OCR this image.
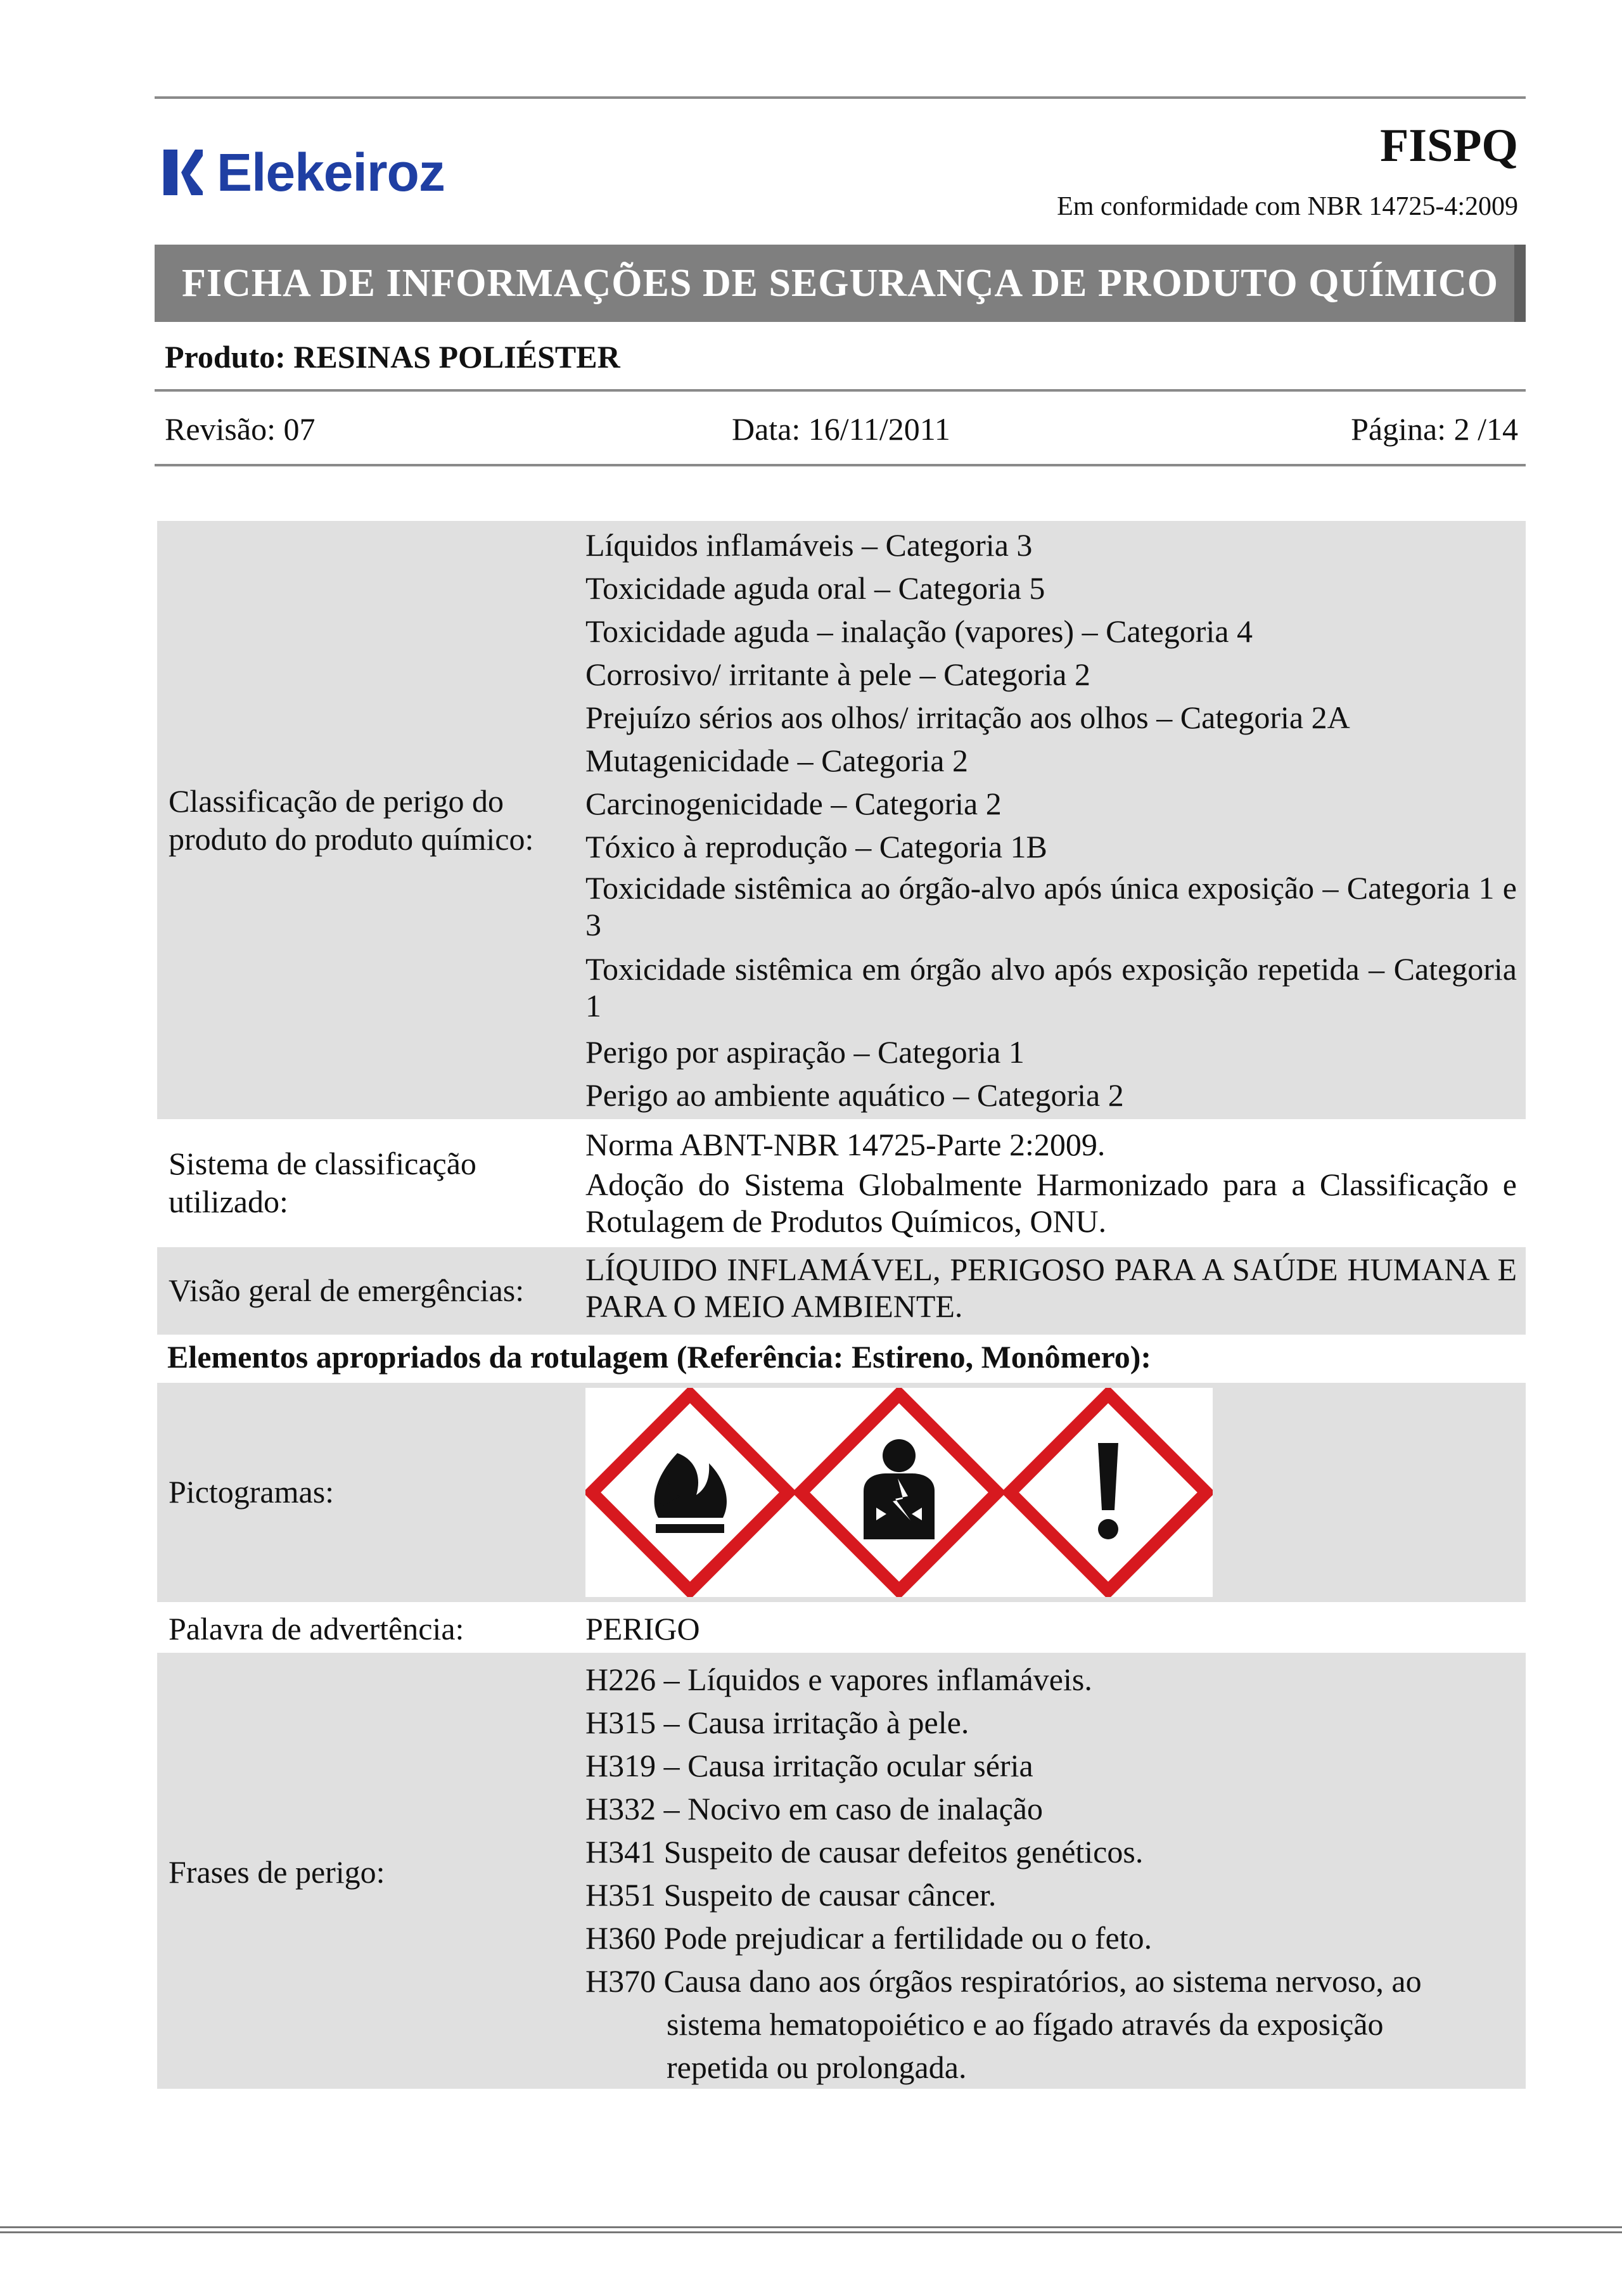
Elekeiroz	FISPQ
Em conformidade com NBR 14725-4:2009
FICHA DE INFORMAÇÕES DE SEGURANÇA DE PRODUTO QUÍMICO
Produto: RESINAS POLIÉSTER
Revisão: 07	Data: 16/11/2011	Página: 2 /14
Classificação de perigo do produto do produto químico:
Líquidos inflamáveis – Categoria 3
Toxicidade aguda oral – Categoria 5
Toxicidade aguda – inalação (vapores) – Categoria 4
Corrosivo/ irritante à pele – Categoria 2
Prejuízo sérios aos olhos/ irritação aos olhos – Categoria 2A
Mutagenicidade – Categoria 2
Carcinogenicidade – Categoria 2
Tóxico à reprodução – Categoria 1B
Toxicidade sistêmica ao órgão-alvo após única exposição – Categoria 1 e 3
Toxicidade sistêmica em órgão alvo após exposição repetida – Categoria 1
Perigo por aspiração – Categoria 1
Perigo ao ambiente aquático – Categoria 2
Sistema de classificação utilizado:
Norma ABNT-NBR 14725-Parte 2:2009.
Adoção do Sistema Globalmente Harmonizado para a Classificação e Rotulagem de Produtos Químicos, ONU.
Visão geral de emergências:
LÍQUIDO INFLAMÁVEL, PERIGOSO PARA A SAÚDE HUMANA E PARA O MEIO AMBIENTE.
Elementos apropriados da rotulagem (Referência: Estireno, Monômero):
Pictogramas:
Palavra de advertência:	PERIGO
Frases de perigo:
H226 – Líquidos e vapores inflamáveis.
H315 – Causa irritação à pele.
H319 – Causa irritação ocular séria
H332 – Nocivo em caso de inalação
H341 Suspeito de causar defeitos genéticos.
H351 Suspeito de causar câncer.
H360 Pode prejudicar a fertilidade ou o feto.
H370 Causa dano aos órgãos respiratórios, ao sistema nervoso, ao sistema hematopoiético e ao fígado através da exposição repetida ou prolongada.
